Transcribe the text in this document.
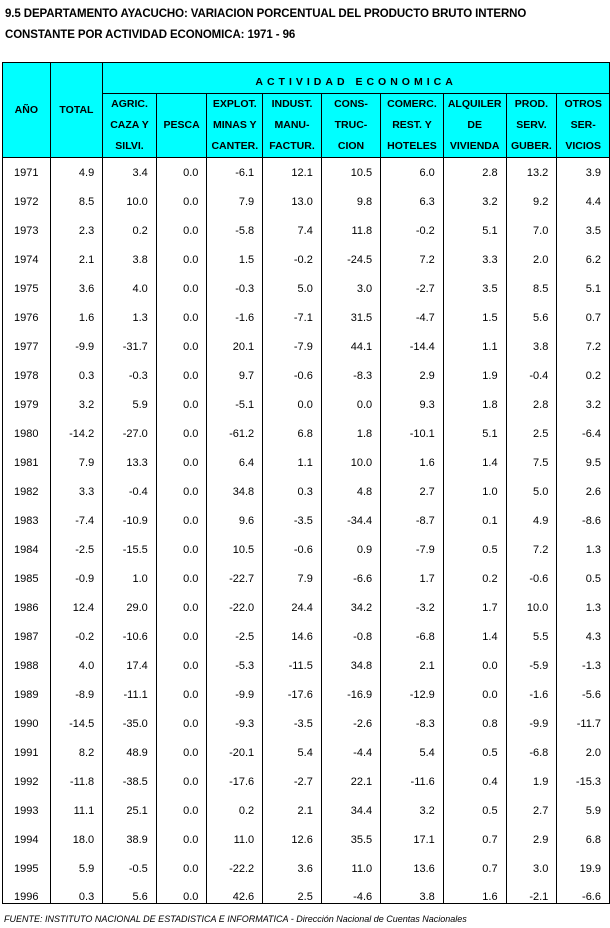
9.5 DEPARTAMENTO AYACUCHO: VARIACION PORCENTUAL DEL PRODUCTO BRUTO INTERNO
CONSTANTE POR ACTIVIDAD ECONOMICA: 1971 - 96
AÑO	TOTAL	ACTIVIDAD ECONOMICA								

		AGRIC.
CAZA Y
SILVI.	PESCA	EXPLOT.
MINAS Y
CANTER.	INDUST.
MANU-
FACTUR.	CONS-
TRUC-
CION	COMERC.
REST. Y
HOTELES	ALQUILER
DE
VIVIENDA	PROD.
SERV.
GUBER.	OTROS
SER-
VICIOS

1971	4.9	3.4	0.0	-6.1	12.1	10.5	6.0	2.8	13.2	3.9
1972	8.5	10.0	0.0	7.9	13.0	9.8	6.3	3.2	9.2	4.4
1973	2.3	0.2	0.0	-5.8	7.4	11.8	-0.2	5.1	7.0	3.5
1974	2.1	3.8	0.0	1.5	-0.2	-24.5	7.2	3.3	2.0	6.2
1975	3.6	4.0	0.0	-0.3	5.0	3.0	-2.7	3.5	8.5	5.1
1976	1.6	1.3	0.0	-1.6	-7.1	31.5	-4.7	1.5	5.6	0.7
1977	-9.9	-31.7	0.0	20.1	-7.9	44.1	-14.4	1.1	3.8	7.2
1978	0.3	-0.3	0.0	9.7	-0.6	-8.3	2.9	1.9	-0.4	0.2
1979	3.2	5.9	0.0	-5.1	0.0	0.0	9.3	1.8	2.8	3.2
1980	-14.2	-27.0	0.0	-61.2	6.8	1.8	-10.1	5.1	2.5	-6.4
1981	7.9	13.3	0.0	6.4	1.1	10.0	1.6	1.4	7.5	9.5
1982	3.3	-0.4	0.0	34.8	0.3	4.8	2.7	1.0	5.0	2.6
1983	-7.4	-10.9	0.0	9.6	-3.5	-34.4	-8.7	0.1	4.9	-8.6
1984	-2.5	-15.5	0.0	10.5	-0.6	0.9	-7.9	0.5	7.2	1.3
1985	-0.9	1.0	0.0	-22.7	7.9	-6.6	1.7	0.2	-0.6	0.5
1986	12.4	29.0	0.0	-22.0	24.4	34.2	-3.2	1.7	10.0	1.3
1987	-0.2	-10.6	0.0	-2.5	14.6	-0.8	-6.8	1.4	5.5	4.3
1988	4.0	17.4	0.0	-5.3	-11.5	34.8	2.1	0.0	-5.9	-1.3
1989	-8.9	-11.1	0.0	-9.9	-17.6	-16.9	-12.9	0.0	-1.6	-5.6
1990	-14.5	-35.0	0.0	-9.3	-3.5	-2.6	-8.3	0.8	-9.9	-11.7
1991	8.2	48.9	0.0	-20.1	5.4	-4.4	5.4	0.5	-6.8	2.0
1992	-11.8	-38.5	0.0	-17.6	-2.7	22.1	-11.6	0.4	1.9	-15.3
1993	11.1	25.1	0.0	0.2	2.1	34.4	3.2	0.5	2.7	5.9
1994	18.0	38.9	0.0	11.0	12.6	35.5	17.1	0.7	2.9	6.8
1995	5.9	-0.5	0.0	-22.2	3.6	11.0	13.6	0.7	3.0	19.9
1996	0.3	5.6	0.0	42.6	2.5	-4.6	3.8	1.6	-2.1	-6.6
FUENTE: INSTITUTO NACIONAL DE ESTADISTICA E INFORMATICA - Dirección Nacional de Cuentas Nacionales
